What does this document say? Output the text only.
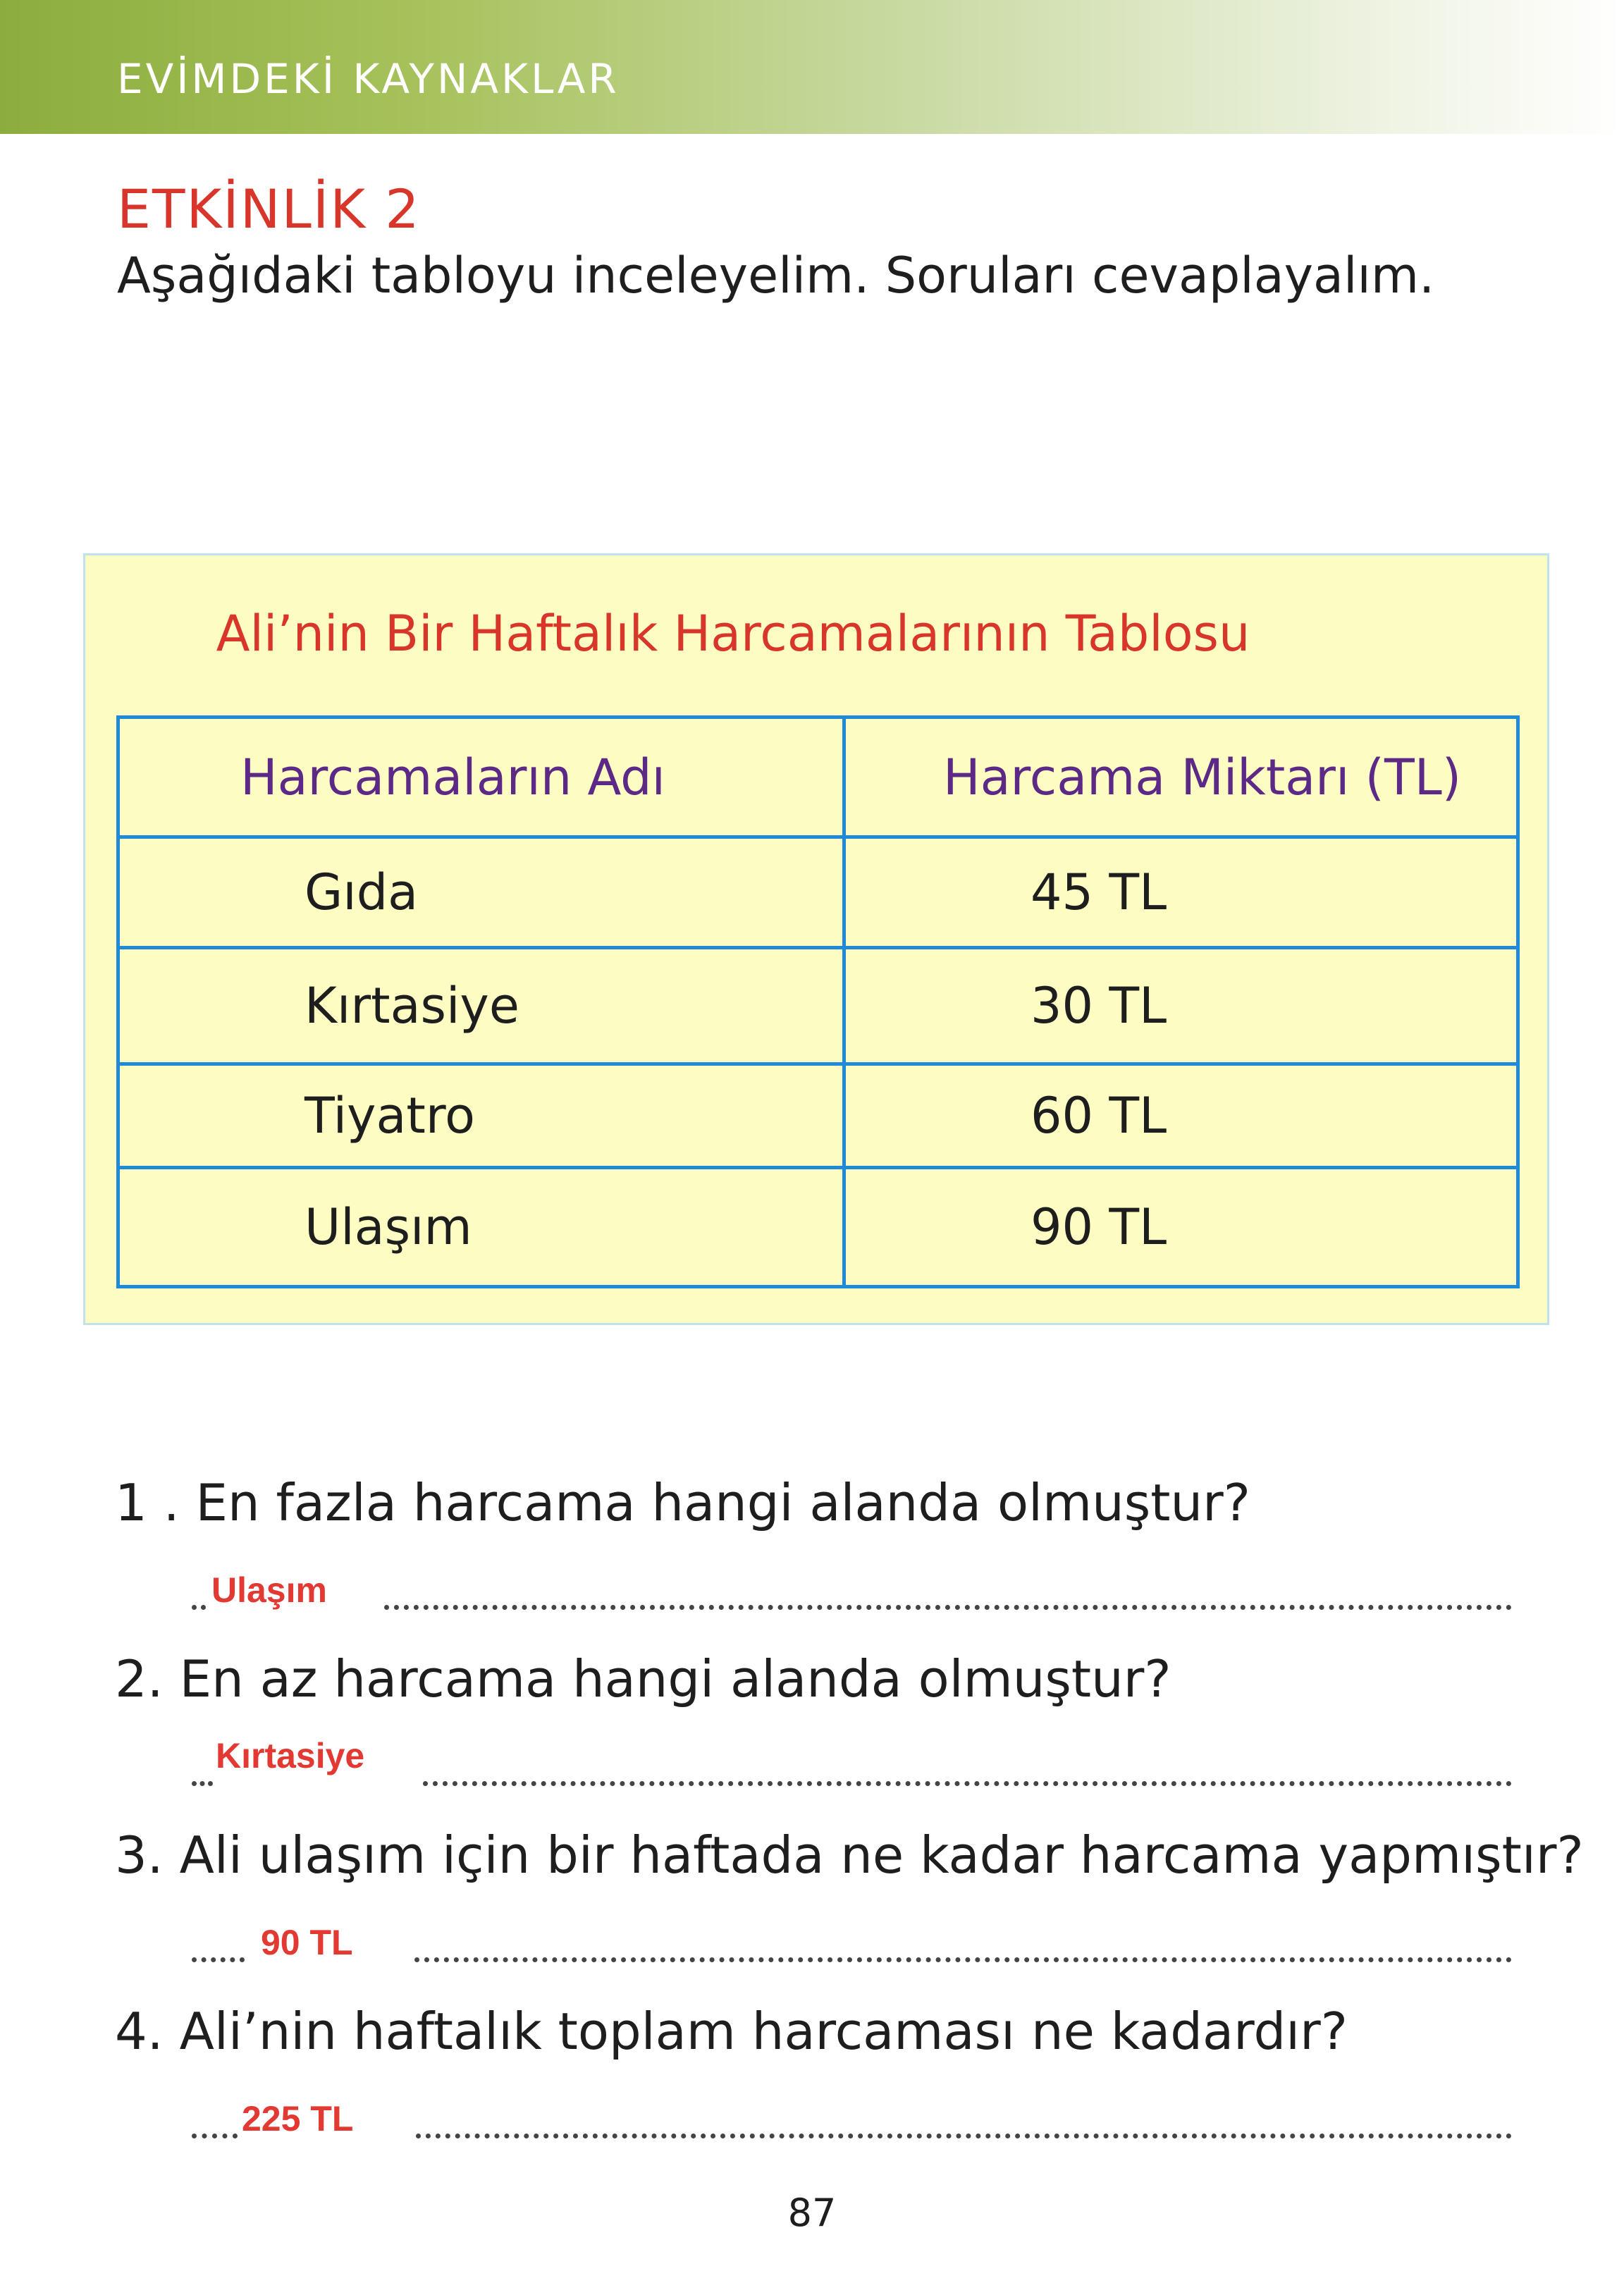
EVİMDEKİ KAYNAKLAR
ETKİNLİK 2
Aşağıdaki tabloyu inceleyelim. Soruları cevaplayalım.
Ali’nin Bir Haftalık Harcamalarının Tablosu
Harcamaların Adı	Harcama Miktarı (TL)
Gıda	45 TL
Kırtasiye	30 TL
Tiyatro	60 TL
Ulaşım	90 TL
1 . En fazla harcama hangi alanda olmuştur?
Ulaşım
2. En az harcama hangi alanda olmuştur?
Kırtasiye
3. Ali ulaşım için bir haftada ne kadar harcama yapmıştır?
90 TL
4. Ali’nin haftalık toplam harcaması ne kadardır?
225 TL
87
